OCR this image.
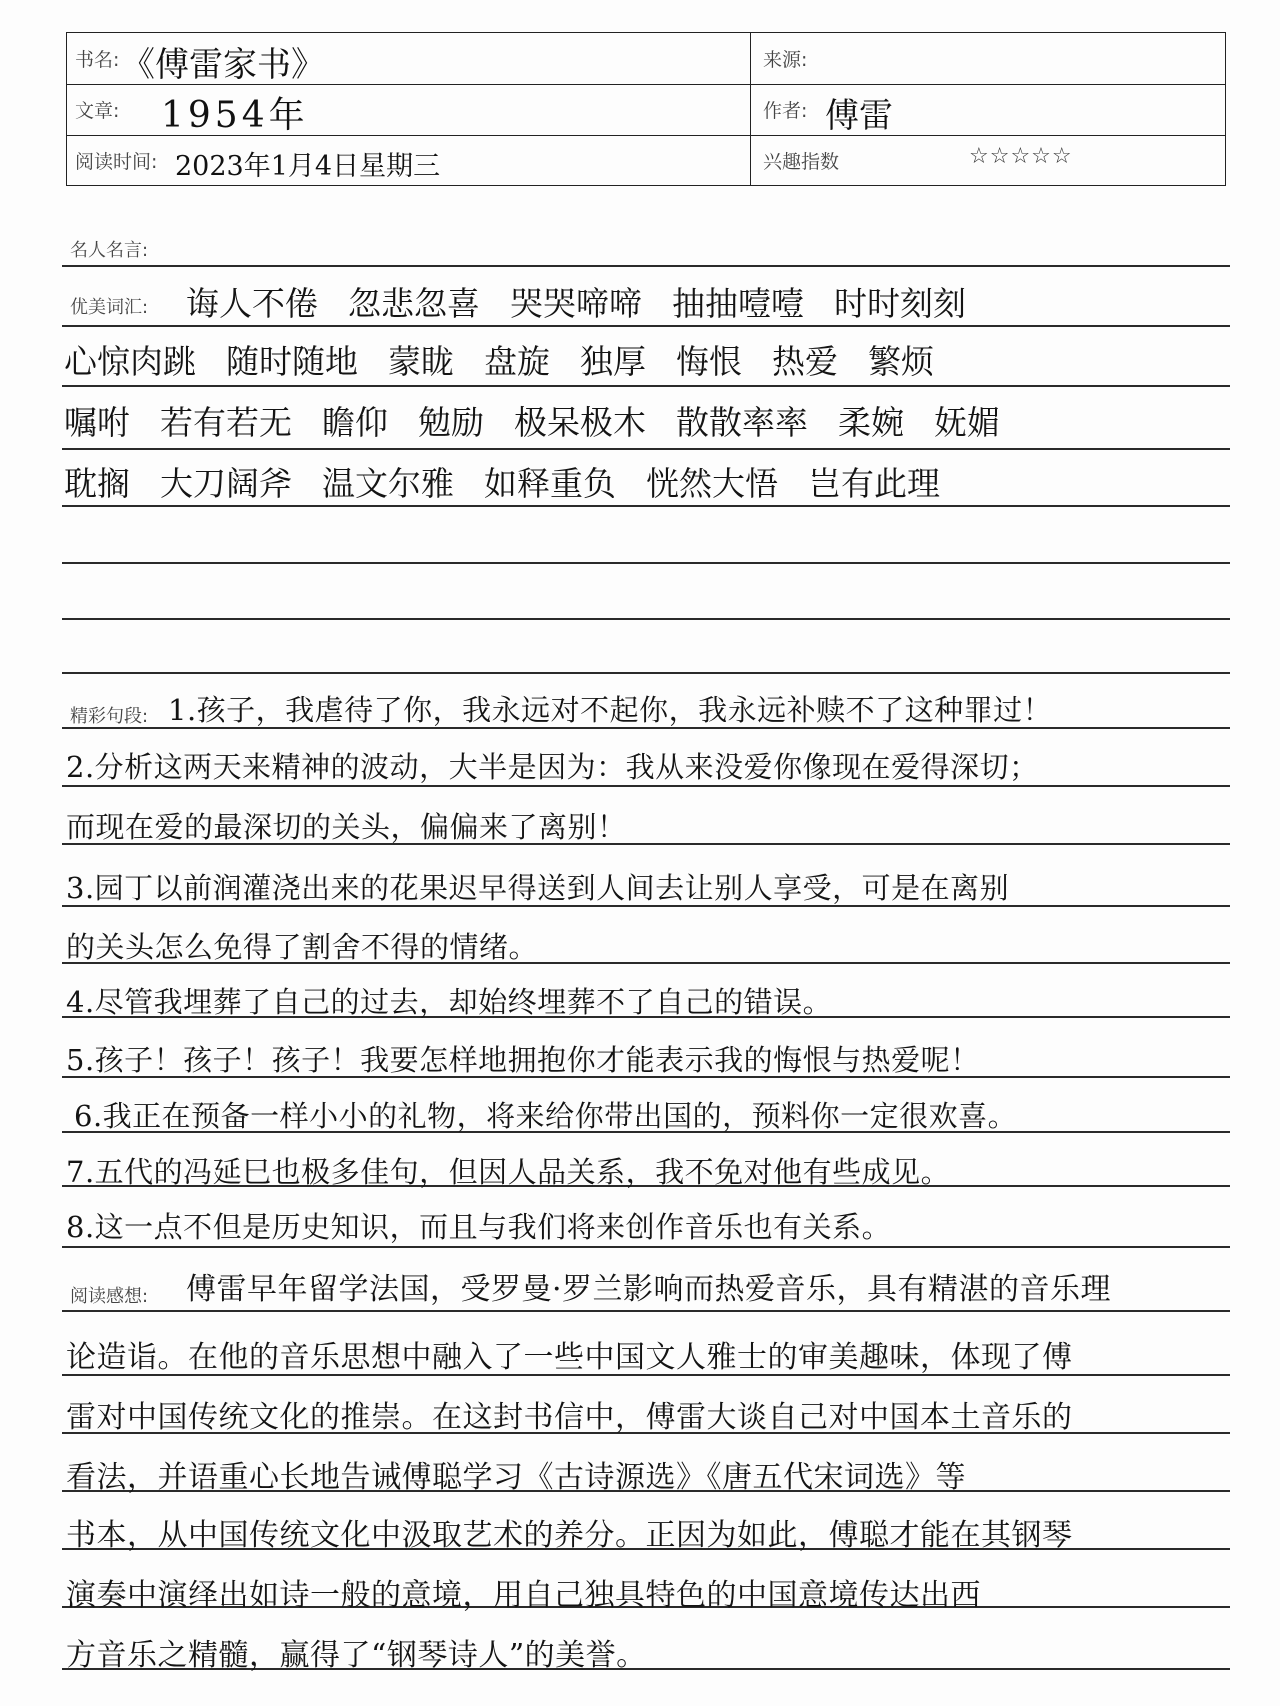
书名: 《傅雷家书》	来源:
文章: 1954年	作者: 傅雷
阅读时间: 2023年1月4日星期三	兴趣指数	☆☆☆☆☆
名人名言:
优美词汇:
精彩句段:
阅读感想: 傅雷早年留学法国，受罗曼·罗兰影响而热爱音乐，具有精湛的音乐理
诲人不倦 忽悲忽喜 哭哭啼啼 抽抽噎噎 时时刻刻
心惊肉跳 随时随地 蒙眬 盘旋 独厚 悔恨 热爱 繁烦
嘱咐 若有若无 瞻仰 勉励 极呆极木 散散率率 柔婉 妩媚
耽搁 大刀阔斧 温文尔雅 如释重负 恍然大悟 岂有此理
1.孩子，我虐待了你，我永远对不起你，我永远补赎不了这种罪过！
2.分析这两天来精神的波动，大半是因为：我从来没爱你像现在爱得深切；
而现在爱的最深切的关头，偏偏来了离别！
3.园丁以前润灌浇出来的花果迟早得送到人间去让别人享受，可是在离别
的关头怎么免得了割舍不得的情绪。
4.尽管我埋葬了自己的过去，却始终埋葬不了自己的错误。
5.孩子！孩子！孩子！我要怎样地拥抱你才能表示我的悔恨与热爱呢！
6.我正在预备一样小小的礼物，将来给你带出国的，预料你一定很欢喜。
7.五代的冯延巳也极多佳句，但因人品关系，我不免对他有些成见。
8.这一点不但是历史知识，而且与我们将来创作音乐也有关系。
论造诣。在他的音乐思想中融入了一些中国文人雅士的审美趣味，体现了傅
雷对中国传统文化的推崇。在这封书信中，傅雷大谈自己对中国本土音乐的
看法，并语重心长地告诫傅聪学习《古诗源选》《唐五代宋词选》等
书本，从中国传统文化中汲取艺术的养分。正因为如此，傅聪才能在其钢琴
演奏中演绎出如诗一般的意境，用自己独具特色的中国意境传达出西
方音乐之精髓，赢得了“钢琴诗人”的美誉。
